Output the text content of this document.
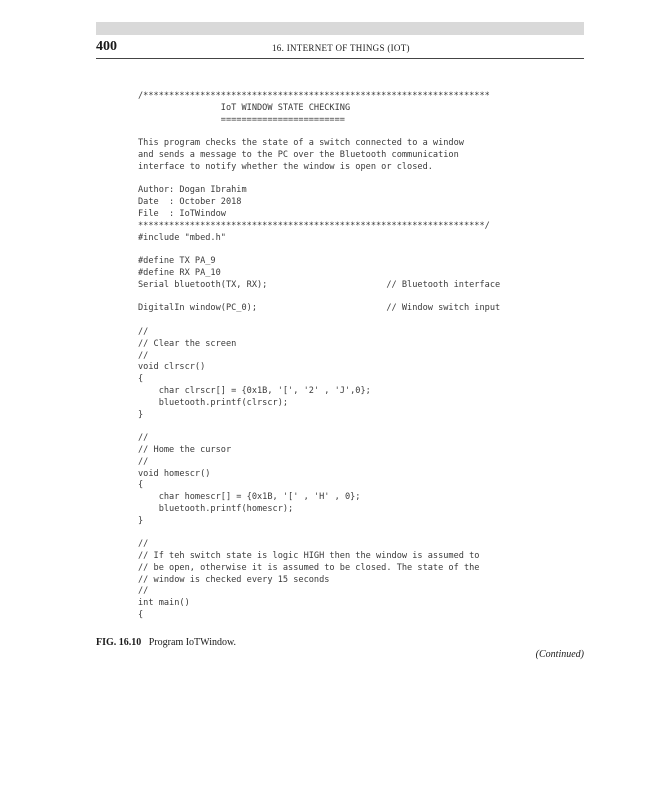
400	16. INTERNET OF THINGS (IOT)
/*******************************************************************
IoT WINDOW STATE CHECKING
========================
This program checks the state of a switch connected to a window
and sends a message to the PC over the Bluetooth communication
interface to notify whether the window is open or closed.
Author: Dogan Ibrahim
Date  : October 2018
File  : IoTWindow
*******************************************************************/
#include "mbed.h"
#define TX PA_9
#define RX PA_10
Serial bluetooth(TX, RX);                       // Bluetooth interface
DigitalIn window(PC_0);                         // Window switch input
//
// Clear the screen
//
void clrscr()
{
char clrscr[] = {0x1B, '[', '2' , 'J',0};
bluetooth.printf(clrscr);
}
//
// Home the cursor
//
void homescr()
{
char homescr[] = {0x1B, '[' , 'H' , 0};
bluetooth.printf(homescr);
}
//
// If teh switch state is logic HIGH then the window is assumed to
// be open, otherwise it is assumed to be closed. The state of the
// window is checked every 15 seconds
//
int main()
{
FIG. 16.10 Program IoTWindow.
(Continued)
